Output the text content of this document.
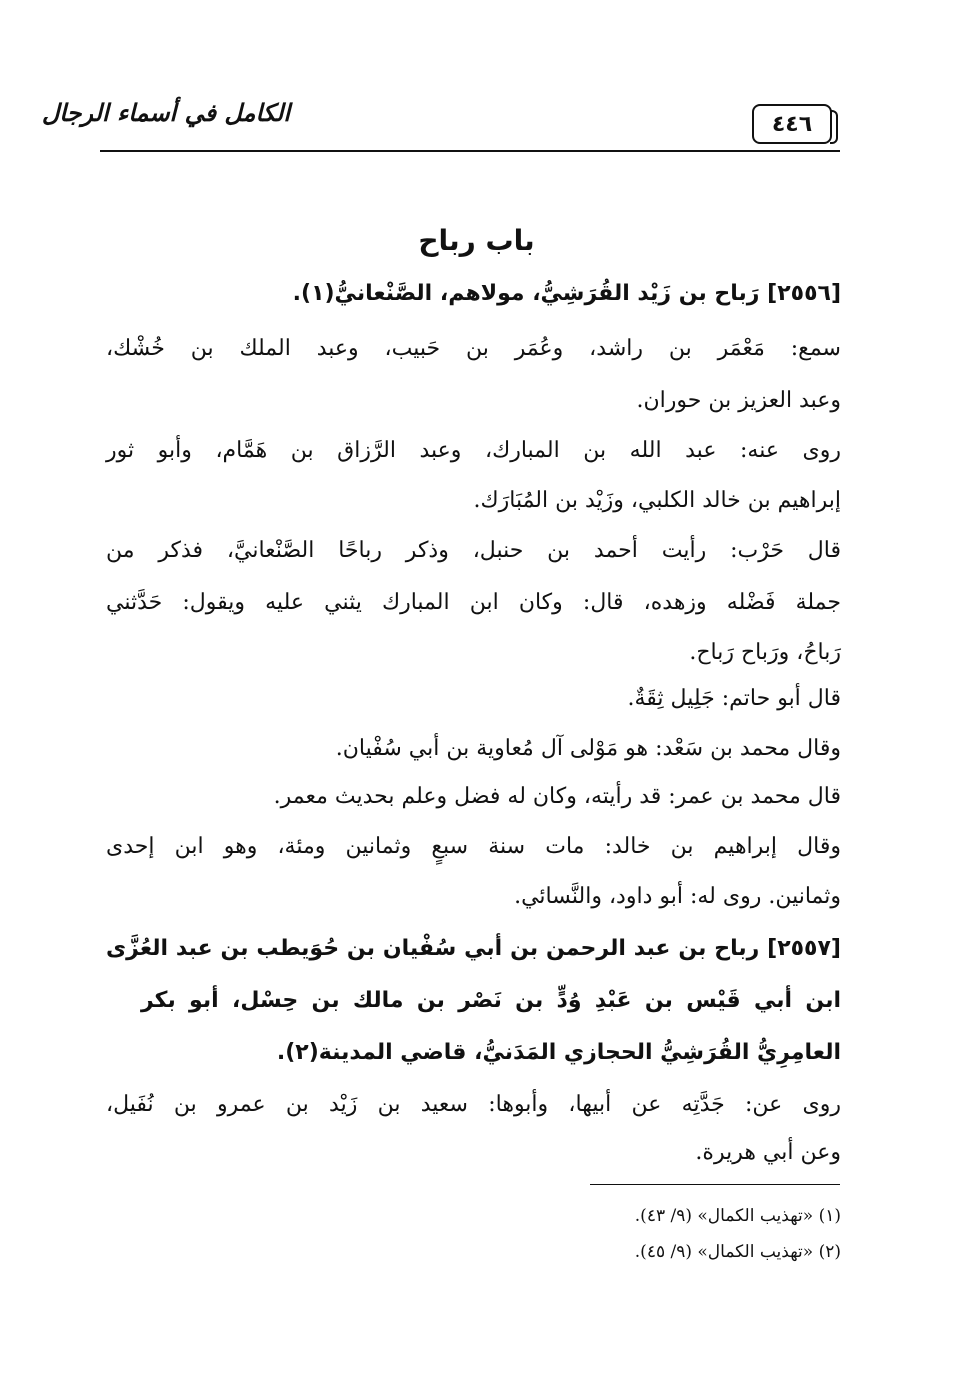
٤٤٦
الكامل في أسماء الرجال
باب رباح
[٢٥٥٦] رَباح بن زَيْد القُرَشِيُّ، مولاهم، الصَّنْعانيُّ(١).
سمع: مَعْمَر بن راشد، وعُمَر بن حَبيب، وعبد الملك بن خُشْك،
وعبد العزيز بن حوران.
روى عنه: عبد الله بن المبارك، وعبد الرَّزاق بن هَمَّام، وأبو ثور
إبراهيم بن خالد الكلبي، وزَيْد بن المُبَارَك.
قال حَرْب: رأيت أحمد بن حنبل، وذكر رباحًا الصَّنْعانيَّ، فذكر من
جملة فَضْله وزهده، قال: وكان ابن المبارك يثني عليه ويقول: حَدَّثني
رَباحُ، ورَباح رَباح.
قال أبو حاتم: جَلِيل ثِقَةٌ.
وقال محمد بن سَعْد: هو مَوْلى آل مُعاوية بن أبي سُفْيان.
قال محمد بن عمر: قد رأيته، وكان له فضل وعلم بحديث معمر.
وقال إبراهيم بن خالد: مات سنة سبعٍ وثمانين ومئة، وهو ابن إحدى
وثمانين. روى له: أبو داود، والنَّسائي.
[٢٥٥٧] رباح بن عبد الرحمن بن أبي سُفْيان بن حُوَيطب بن عبد العُزَّى
ابن أبي قَيْس بن عَبْدِ وُدٍّ بن نَصْر بن مالك بن حِسْل، أبو بكر
العامِرِيُّ القُرَشِيُّ الحجازي المَدَنيُّ، قاضي المدينة(٢).
روى عن: جَدَّتِه عن أبيها، وأبوها: سعيد بن زَيْد بن عمرو بن نُفَيل،
وعن أبي هريرة.
(١) «تهذيب الكمال» (٩/ ٤٣).
(٢) «تهذيب الكمال» (٩/ ٤٥).
